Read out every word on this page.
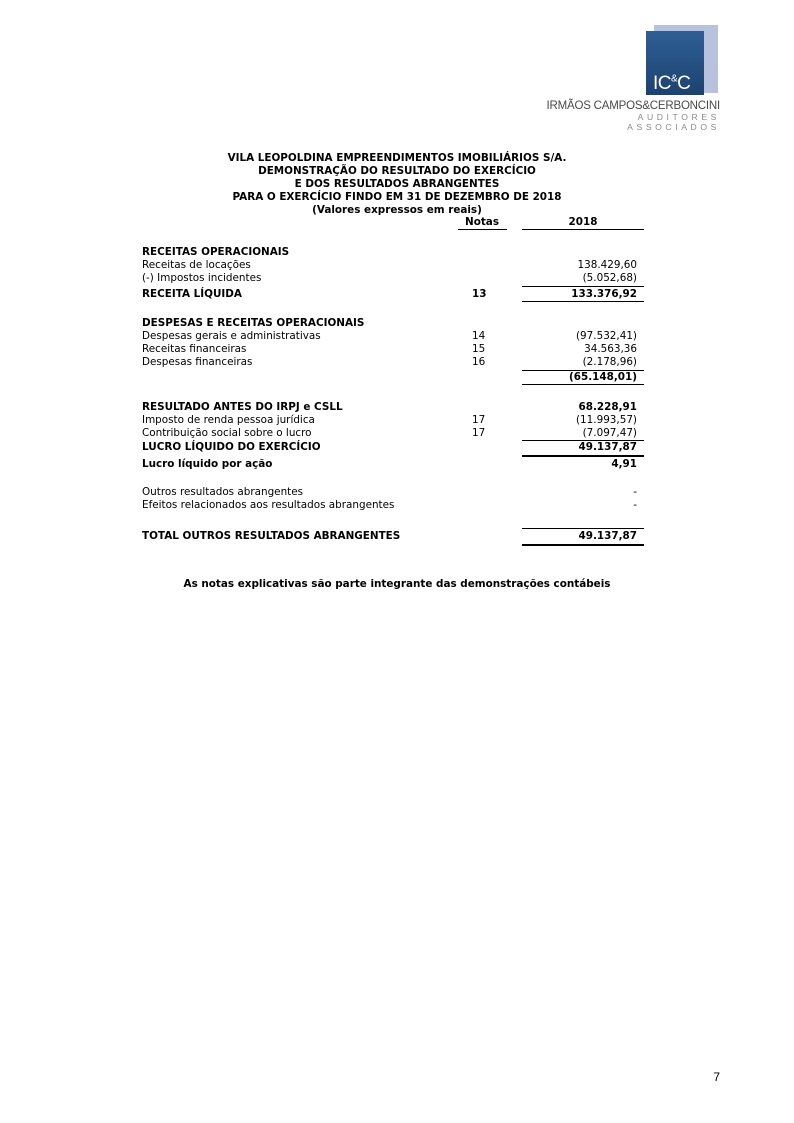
IC&C
IRMÃOS CAMPOS&CERBONCINI
AUDITORES ASSOCIADOS
VILA LEOPOLDINA EMPREENDIMENTOS IMOBILIÁRIOS S/A.
DEMONSTRAÇÃO DO RESULTADO DO EXERCÍCIO
E DOS RESULTADOS ABRANGENTES
PARA O EXERCÍCIO FINDO EM 31 DE DEZEMBRO DE 2018
(Valores expressos em reais)
Notas	2018
RECEITAS OPERACIONAIS
Receitas de locações	138.429,60
(-) Impostos incidentes	(5.052,68)
RECEITA LÍQUIDA	13	133.376,92
DESPESAS E RECEITAS OPERACIONAIS
Despesas gerais e administrativas	14	(97.532,41)
Receitas financeiras	15	34.563,36
Despesas financeiras	16	(2.178,96)
(65.148,01)
RESULTADO ANTES DO IRPJ e CSLL	68.228,91
Imposto de renda pessoa jurídica	17	(11.993,57)
Contribuição social sobre o lucro	17	(7.097,47)
LUCRO LÍQUIDO DO EXERCÍCIO	49.137,87
Lucro líquido por ação	4,91
Outros resultados abrangentes	-
Efeitos relacionados aos resultados abrangentes	-
TOTAL OUTROS RESULTADOS ABRANGENTES	49.137,87
As notas explicativas são parte integrante das demonstrações contábeis
7
